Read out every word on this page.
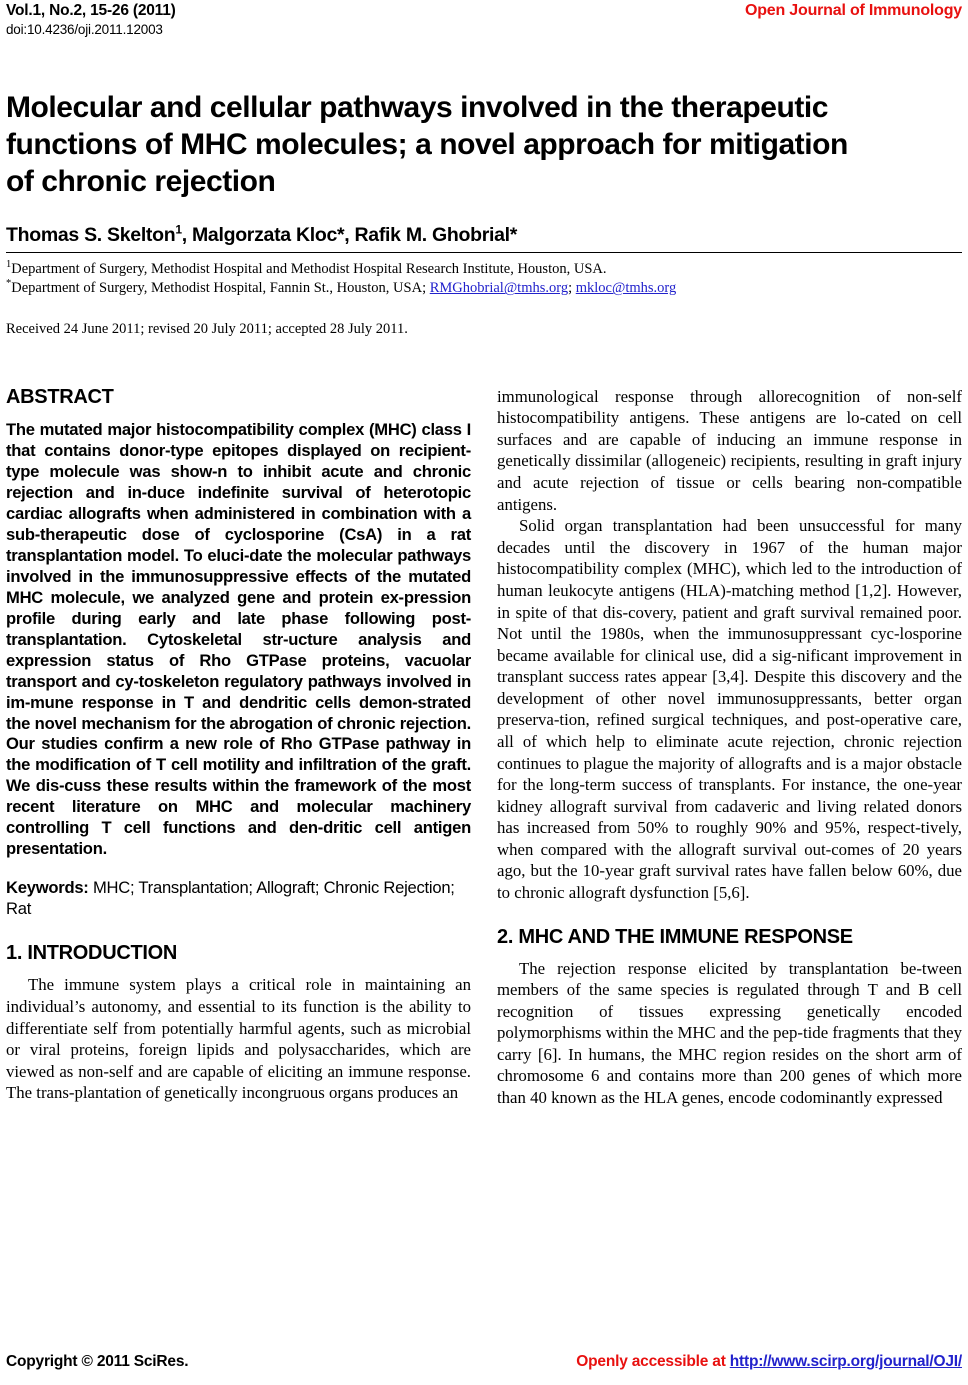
Vol.1, No.2, 15-26 (2011)
doi:10.4236/oji.2011.12003
Open Journal of Immunology
Molecular and cellular pathways involved in the therapeutic functions of MHC molecules; a novel approach for mitigation of chronic rejection
Thomas S. Skelton$^1$, Malgorzata Kloc*, Rafik M. Ghobrial*
$^1$Department of Surgery, Methodist Hospital and Methodist Hospital Research Institute, Houston, USA.
*Department of Surgery, Methodist Hospital, Fannin St., Houston, USA; RMGhobrial@tmhs.org; mkloc@tmhs.org
Received 24 June 2011; revised 20 July 2011; accepted 28 July 2011.
ABSTRACT

The mutated major histocompatibility complex (MHC) class I that contains donor-type epitopes displayed on recipient-type molecule was show-n to inhibit acute and chronic rejection and in-duce indefinite survival of heterotopic cardiac allografts when administered in combination with a sub-therapeutic dose of cyclosporine (CsA) in a rat transplantation model. To eluci-date the molecular pathways involved in the immunosuppressive effects of the mutated MHC molecule, we analyzed gene and protein ex-pression profile during early and late phase following post-transplantation. Cytoskeletal str-ucture analysis and expression status of Rho GTPase proteins, vacuolar transport and cy-toskeleton regulatory pathways involved in im-mune response in T and dendritic cells demon-strated the novel mechanism for the abrogation of chronic rejection. Our studies confirm a new role of Rho GTPase pathway in the modification of T cell motility and infiltration of the graft. We dis-cuss these results within the framework of the most recent literature on MHC and molecular machinery controlling T cell functions and den-dritic cell antigen presentation.

Keywords: MHC; Transplantation; Allograft; Chronic Rejection; Rat

1. INTRODUCTION

The immune system plays a critical role in maintaining an individual’s autonomy, and essential to its function is the ability to differentiate self from potentially harmful agents, such as microbial or viral proteins, foreign lipids and polysaccharides, which are viewed as non-self and are capable of eliciting an immune response. The trans-plantation of genetically incongruous organs produces an

immunological response through allorecognition of non-self histocompatibility antigens. These antigens are lo-cated on cell surfaces and are capable of inducing an immune response in genetically dissimilar (allogeneic) recipients, resulting in graft injury and acute rejection of tissue or cells bearing non-compatible antigens.

Solid organ transplantation had been unsuccessful for many decades until the discovery in 1967 of the human major histocompatibility complex (MHC), which led to the introduction of human leukocyte antigens (HLA)-matching method [1,2]. However, in spite of that dis-covery, patient and graft survival remained poor. Not until the 1980s, when the immunosuppressant cyc-losporine became available for clinical use, did a sig-nificant improvement in transplant success rates appear [3,4]. Despite this discovery and the development of other novel immunosuppressants, better organ preserva-tion, refined surgical techniques, and post-operative care, all of which help to eliminate acute rejection, chronic rejection continues to plague the majority of allografts and is a major obstacle for the long-term success of transplants. For instance, the one-year kidney allograft survival from cadaveric and living related donors has increased from 50% to roughly 90% and 95%, respect-tively, when compared with the allograft survival out-comes of 20 years ago, but the 10-year graft survival rates have fallen below 60%, due to chronic allograft dysfunction [5,6].

2. MHC AND THE IMMUNE RESPONSE

The rejection response elicited by transplantation be-tween members of the same species is regulated through T and B cell recognition of tissues expressing genetically encoded polymorphisms within the MHC and the pep-tide fragments that they carry [6]. In humans, the MHC region resides on the short arm of chromosome 6 and contains more than 200 genes of which more than 40 known as the HLA genes, encode codominantly expressed

Copyright © 2011 SciRes.	Openly accessible at http://www.scirp.org/journal/OJI/
